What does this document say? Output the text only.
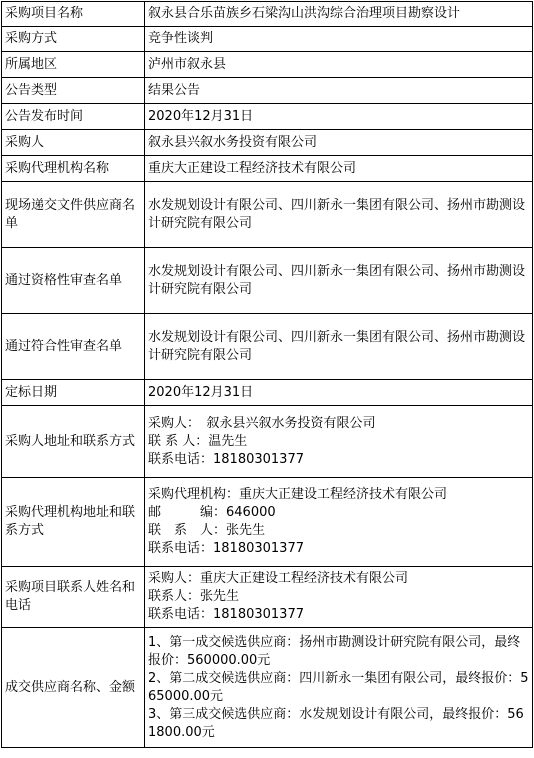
采购项目名称	叙永县合乐苗族乡石梁沟山洪沟综合治理项目勘察设计
采购方式	竞争性谈判
所属地区	泸州市叙永县
公告类型	结果公告
公告发布时间	2020年12月31日
采购人	叙永县兴叙水务投资有限公司
采购代理机构名称	重庆大正建设工程经济技术有限公司
现场递交文件供应商名单	水发规划设计有限公司、四川新永一集团有限公司、扬州市勘测设计研究院有限公司
通过资格性审查名单	水发规划设计有限公司、四川新永一集团有限公司、扬州市勘测设计研究院有限公司
通过符合性审查名单	水发规划设计有限公司、四川新永一集团有限公司、扬州市勘测设计研究院有限公司
定标日期	2020年12月31日
采购人地址和联系方式	采购人：　叙永县兴叙水务投资有限公司
联 系 人：温先生
联系电话：18180301377

采购代理机构地址和联系方式	采购代理机构：重庆大正建设工程经济技术有限公司
邮　　　编：646000
联　系　人：张先生
联系电话：18180301377

采购项目联系人姓名和电话	采购人：重庆大正建设工程经济技术有限公司
联系人：张先生
联系电话：18180301377

成交供应商名称、金额	1、第一成交候选供应商：扬州市勘测设计研究院有限公司，最终报价：560000.00元
2、第二成交候选供应商：四川新永一集团有限公司，最终报价：565000.00元
3、第三成交候选供应商：水发规划设计有限公司，最终报价：561800.00元
